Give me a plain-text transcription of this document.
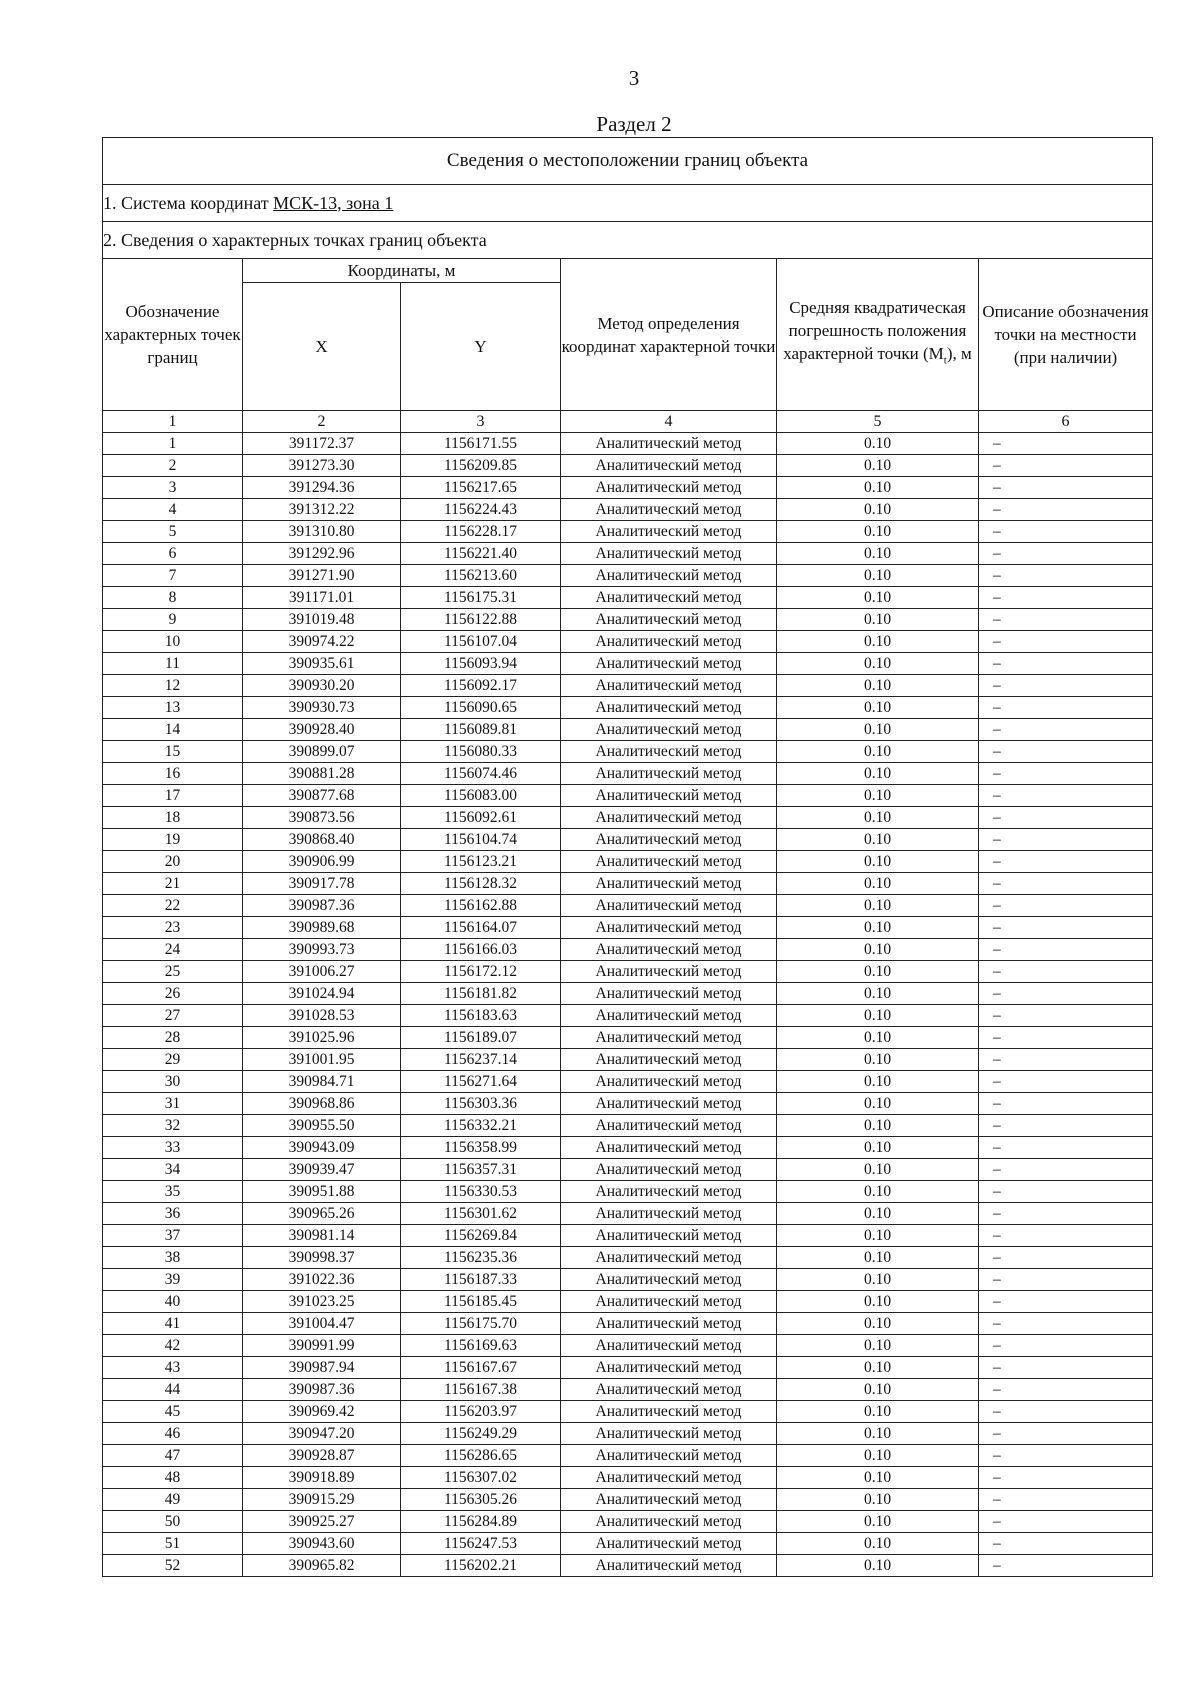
3
Раздел 2
Сведения о местоположении границ объекта					
1. Система координат МСК-13, зона 1					
2. Сведения о характерных точках границ объекта					
Обозначение характерных точек границ	Координаты, м		Метод определения координат характерной точки	Средняя квадратическая погрешность положения характерной точки $(M_t)$, м	Описание обозначения точки на местности (при наличии)
	X	Y			
1	2	3	4	5	6
1	391172.37	1156171.55	Аналитический метод	0.10	–
2	391273.30	1156209.85	Аналитический метод	0.10	–
3	391294.36	1156217.65	Аналитический метод	0.10	–
4	391312.22	1156224.43	Аналитический метод	0.10	–
5	391310.80	1156228.17	Аналитический метод	0.10	–
6	391292.96	1156221.40	Аналитический метод	0.10	–
7	391271.90	1156213.60	Аналитический метод	0.10	–
8	391171.01	1156175.31	Аналитический метод	0.10	–
9	391019.48	1156122.88	Аналитический метод	0.10	–
10	390974.22	1156107.04	Аналитический метод	0.10	–
11	390935.61	1156093.94	Аналитический метод	0.10	–
12	390930.20	1156092.17	Аналитический метод	0.10	–
13	390930.73	1156090.65	Аналитический метод	0.10	–
14	390928.40	1156089.81	Аналитический метод	0.10	–
15	390899.07	1156080.33	Аналитический метод	0.10	–
16	390881.28	1156074.46	Аналитический метод	0.10	–
17	390877.68	1156083.00	Аналитический метод	0.10	–
18	390873.56	1156092.61	Аналитический метод	0.10	–
19	390868.40	1156104.74	Аналитический метод	0.10	–
20	390906.99	1156123.21	Аналитический метод	0.10	–
21	390917.78	1156128.32	Аналитический метод	0.10	–
22	390987.36	1156162.88	Аналитический метод	0.10	–
23	390989.68	1156164.07	Аналитический метод	0.10	–
24	390993.73	1156166.03	Аналитический метод	0.10	–
25	391006.27	1156172.12	Аналитический метод	0.10	–
26	391024.94	1156181.82	Аналитический метод	0.10	–
27	391028.53	1156183.63	Аналитический метод	0.10	–
28	391025.96	1156189.07	Аналитический метод	0.10	–
29	391001.95	1156237.14	Аналитический метод	0.10	–
30	390984.71	1156271.64	Аналитический метод	0.10	–
31	390968.86	1156303.36	Аналитический метод	0.10	–
32	390955.50	1156332.21	Аналитический метод	0.10	–
33	390943.09	1156358.99	Аналитический метод	0.10	–
34	390939.47	1156357.31	Аналитический метод	0.10	–
35	390951.88	1156330.53	Аналитический метод	0.10	–
36	390965.26	1156301.62	Аналитический метод	0.10	–
37	390981.14	1156269.84	Аналитический метод	0.10	–
38	390998.37	1156235.36	Аналитический метод	0.10	–
39	391022.36	1156187.33	Аналитический метод	0.10	–
40	391023.25	1156185.45	Аналитический метод	0.10	–
41	391004.47	1156175.70	Аналитический метод	0.10	–
42	390991.99	1156169.63	Аналитический метод	0.10	–
43	390987.94	1156167.67	Аналитический метод	0.10	–
44	390987.36	1156167.38	Аналитический метод	0.10	–
45	390969.42	1156203.97	Аналитический метод	0.10	–
46	390947.20	1156249.29	Аналитический метод	0.10	–
47	390928.87	1156286.65	Аналитический метод	0.10	–
48	390918.89	1156307.02	Аналитический метод	0.10	–
49	390915.29	1156305.26	Аналитический метод	0.10	–
50	390925.27	1156284.89	Аналитический метод	0.10	–
51	390943.60	1156247.53	Аналитический метод	0.10	–
52	390965.82	1156202.21	Аналитический метод	0.10	–
